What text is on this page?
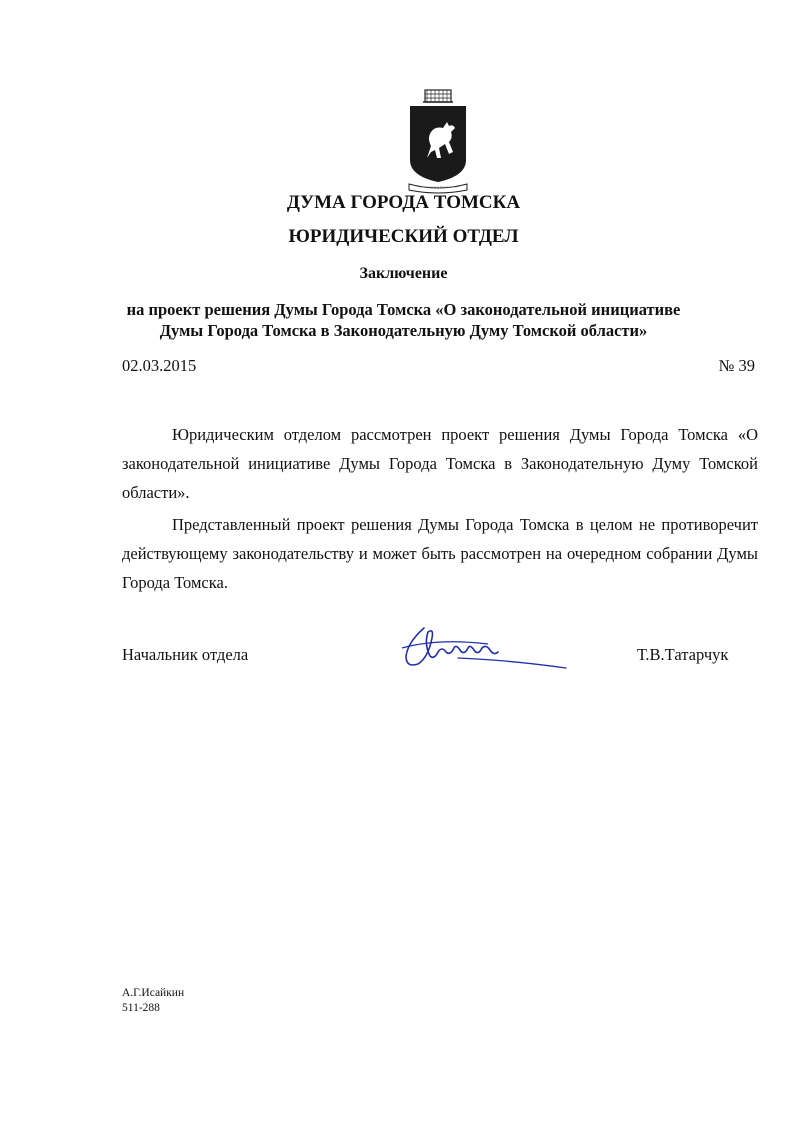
ДУМА ГОРОДА ТОМСКА
ЮРИДИЧЕСКИЙ ОТДЕЛ
Заключение
на проект решения Думы Города Томска «О законодательной инициативе
Думы Города Томска в Законодательную Думу Томской области»
02.03.2015	№ 39
Юридическим отделом рассмотрен проект решения Думы Города Томска «О законодательной инициативе Думы Города Томска в Законодательную Думу Томской области».
Представленный проект решения Думы Города Томска в целом не противоречит действующему законодательству и может быть рассмотрен на очередном собрании Думы Города Томска.
Начальник отдела	Т.В.Татарчук
А.Г.Исайкин
511-288
